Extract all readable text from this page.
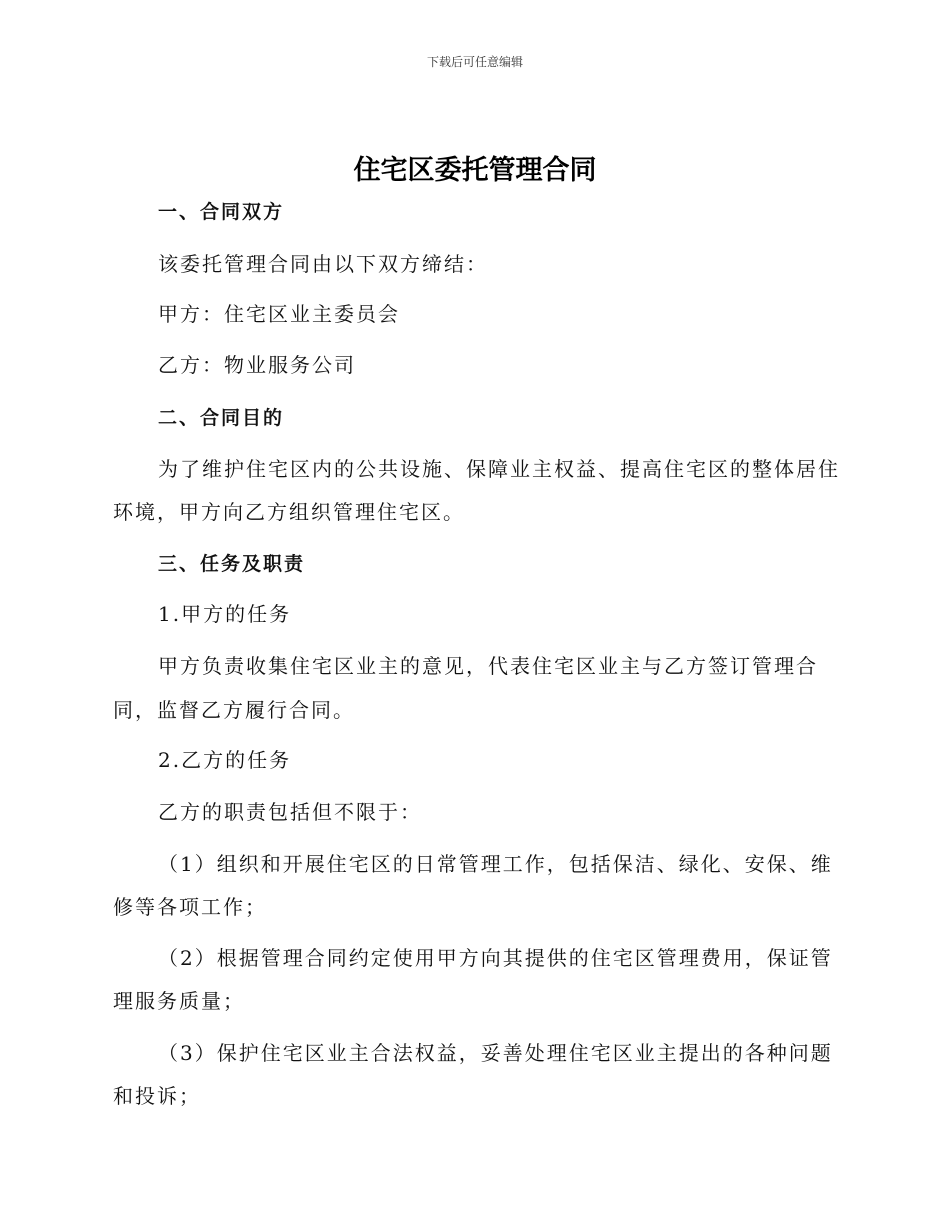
下载后可任意编辑
住宅区委托管理合同
一、合同双方
该委托管理合同由以下双方缔结：
甲方：住宅区业主委员会
乙方：物业服务公司
二、合同目的
为了维护住宅区内的公共设施、保障业主权益、提高住宅区的整体居住
环境，甲方向乙方组织管理住宅区。
三、任务及职责
1.甲方的任务
甲方负责收集住宅区业主的意见，代表住宅区业主与乙方签订管理合
同，监督乙方履行合同。
2.乙方的任务
乙方的职责包括但不限于：
（1）组织和开展住宅区的日常管理工作，包括保洁、绿化、安保、维
修等各项工作；
（2）根据管理合同约定使用甲方向其提供的住宅区管理费用，保证管
理服务质量；
（3）保护住宅区业主合法权益，妥善处理住宅区业主提出的各种问题
和投诉；
